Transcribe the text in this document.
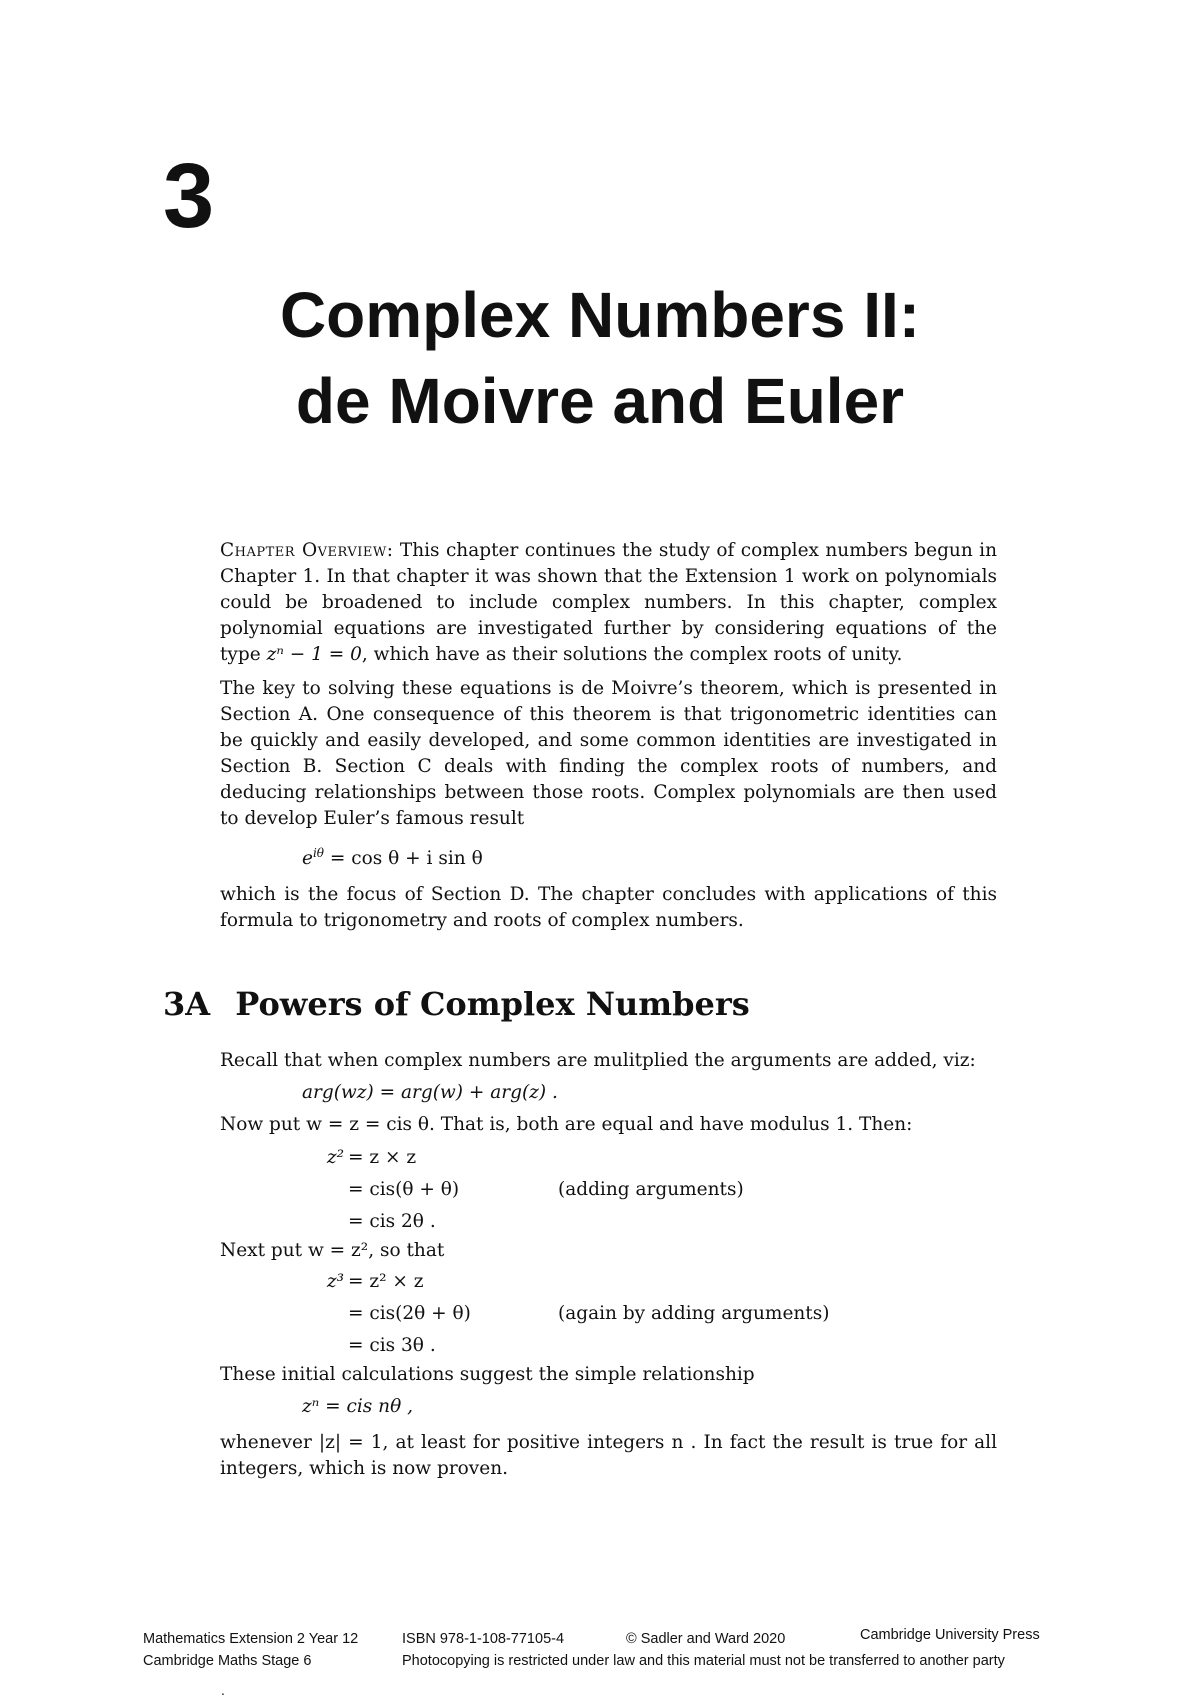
3
Complex Numbers II:
de Moivre and Euler

Chapter Overview: This chapter continues the study of complex numbers begun in Chapter 1. In that chapter it was shown that the Extension 1 work on polynomials could be broadened to include complex numbers. In this chapter, complex polynomial equations are investigated further by considering equations of the type zⁿ − 1 = 0, which have as their solutions the complex roots of unity.

The key to solving these equations is de Moivre’s theorem, which is presented in Section A. One consequence of this theorem is that trigonometric identities can be quickly and easily developed, and some common identities are investigated in Section B. Section C deals with finding the complex roots of numbers, and deducing relationships between those roots. Complex polynomials are then used to develop Euler’s famous result

$e^{i\theta} = \cos \theta + i$ sin θ

which is the focus of Section D. The chapter concludes with applications of this formula to trigonometry and roots of complex numbers.

3A Powers of Complex Numbers

Recall that when complex numbers are mulitplied the arguments are added, viz:

arg(wz) = arg(w) + arg(z) .

Now put w = z = cis θ. That is, both are equal and have modulus 1. Then:

z² = z × z
= cis(θ + θ)	(adding arguments)
= cis 2θ .

Next put w = z², so that

z³ = z² × z
= cis(2θ + θ)	(again by adding arguments)
= cis 3θ .

These initial calculations suggest the simple relationship

zⁿ = cis nθ ,

whenever |z| = 1, at least for positive integers n . In fact the result is true for all integers, which is now proven.

Mathematics Extension 2 Year 12	ISBN 978-1-108-77105-4	© Sadler and Ward 2020	Cambridge University Press
Cambridge Maths Stage 6	Photocopying is restricted under law and this material must not be transferred to another party
.
